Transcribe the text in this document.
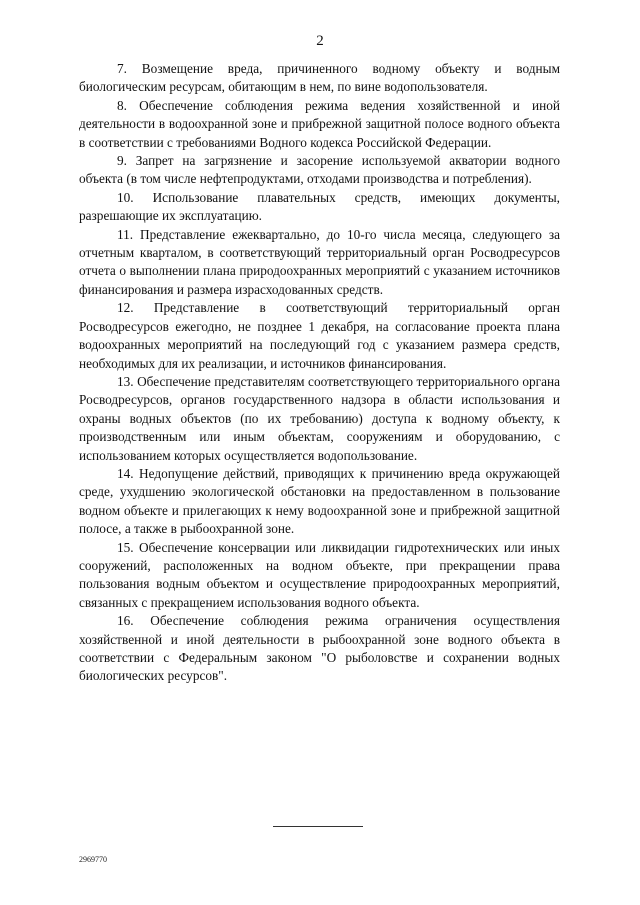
2

7. Возмещение вреда, причиненного водному объекту и водным биологическим ресурсам, обитающим в нем, по вине водопользователя.

8. Обеспечение соблюдения режима ведения хозяйственной и иной деятельности в водоохранной зоне и прибрежной защитной полосе водного объекта в соответствии с требованиями Водного кодекса Российской Федерации.

9. Запрет на загрязнение и засорение используемой акватории водного объекта (в том числе нефтепродуктами, отходами производства и потребления).

10. Использование плавательных средств, имеющих документы, разрешающие их эксплуатацию.

11. Представление ежеквартально, до 10-го числа месяца, следующего за отчетным кварталом, в соответствующий территориальный орган Росводресурсов отчета о выполнении плана природоохранных мероприятий с указанием источников финансирования и размера израсходованных средств.

12. Представление в соответствующий территориальный орган Росводресурсов ежегодно, не позднее 1 декабря, на согласование проекта плана водоохранных мероприятий на последующий год с указанием размера средств, необходимых для их реализации, и источников финансирования.

13. Обеспечение представителям соответствующего территориального органа Росводресурсов, органов государственного надзора в области использования и охраны водных объектов (по их требованию) доступа к водному объекту, к производственным или иным объектам, сооружениям и оборудованию, с использованием которых осуществляется водопользование.

14. Недопущение действий, приводящих к причинению вреда окружающей среде, ухудшению экологической обстановки на предоставленном в пользование водном объекте и прилегающих к нему водоохранной зоне и прибрежной защитной полосе, а также в рыбоохранной зоне.

15. Обеспечение консервации или ликвидации гидротехнических или иных сооружений, расположенных на водном объекте, при прекращении права пользования водным объектом и осуществление природоохранных мероприятий, связанных с прекращением использования водного объекта.

16. Обеспечение соблюдения режима ограничения осуществления хозяйственной и иной деятельности в рыбоохранной зоне водного объекта в соответствии с Федеральным законом "О рыболовстве и сохранении водных биологических ресурсов".

2969770
